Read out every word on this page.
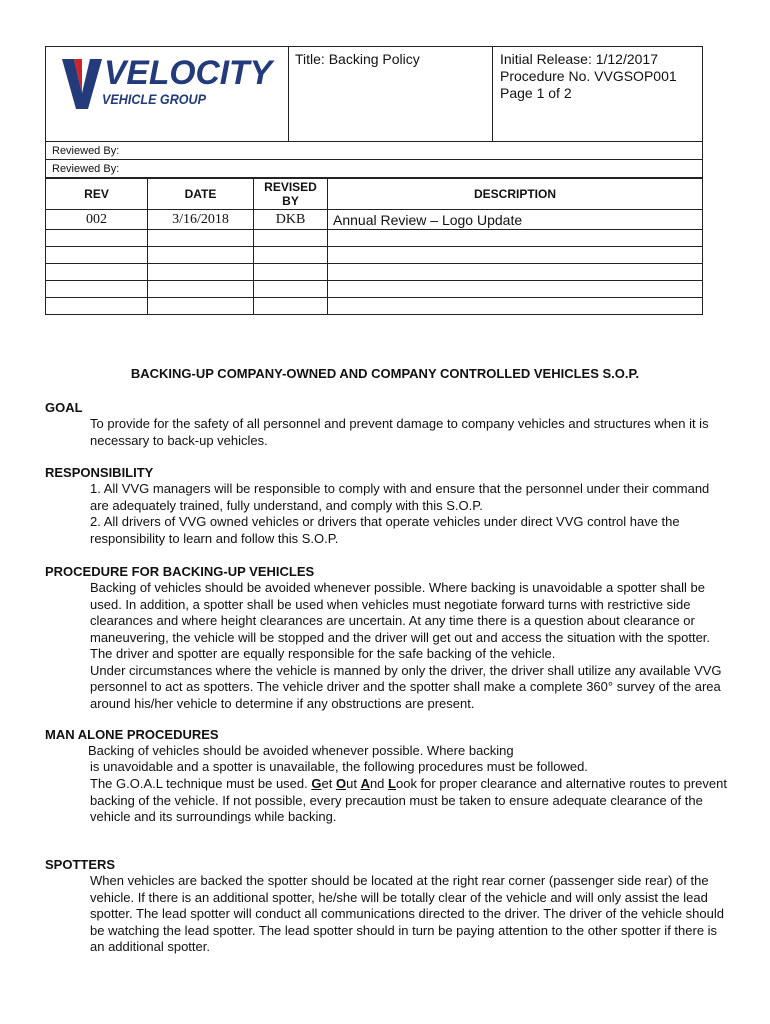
VELOCITY
VEHICLE GROUP
Title: Backing Policy	Initial Release: 1/12/2017
Procedure No. VVGSOP001
Page 1 of 2
Reviewed By:
Reviewed By:
REV	DATE	REVISED BY	DESCRIPTION
002	3/16/2018	DKB	Annual Review – Logo Update

BACKING-UP COMPANY-OWNED AND COMPANY CONTROLLED VEHICLES S.O.P.
GOAL

To provide for the safety of all personnel and prevent damage to company vehicles and structures when it is necessary to back-up vehicles.

RESPONSIBILITY

1. All VVG managers will be responsible to comply with and ensure that the personnel under their command are adequately trained, fully understand, and comply with this S.O.P.

2. All drivers of VVG owned vehicles or drivers that operate vehicles under direct VVG control have the responsibility to learn and follow this S.O.P.

PROCEDURE FOR BACKING-UP VEHICLES

Backing of vehicles should be avoided whenever possible. Where backing is unavoidable a spotter shall be used. In addition, a spotter shall be used when vehicles must negotiate forward turns with restrictive side clearances and where height clearances are uncertain. At any time there is a question about clearance or maneuvering, the vehicle will be stopped and the driver will get out and access the situation with the spotter. The driver and spotter are equally responsible for the safe backing of the vehicle.

Under circumstances where the vehicle is manned by only the driver, the driver shall utilize any available VVG personnel to act as spotters. The vehicle driver and the spotter shall make a complete 360° survey of the area around his/her vehicle to determine if any obstructions are present.

MAN ALONE PROCEDURES
Backing of vehicles should be avoided whenever possible. Where backing
is unavoidable and a spotter is unavailable, the following procedures must be followed.

The G.O.A.L technique must be used. Get Out And Look for proper clearance and alternative routes to prevent backing of the vehicle. If not possible, every precaution must be taken to ensure adequate clearance of the vehicle and its surroundings while backing.

SPOTTERS

When vehicles are backed the spotter should be located at the right rear corner (passenger side rear) of the vehicle. If there is an additional spotter, he/she will be totally clear of the vehicle and will only assist the lead spotter. The lead spotter will conduct all communications directed to the driver. The driver of the vehicle should be watching the lead spotter. The lead spotter should in turn be paying attention to the other spotter if there is an additional spotter.
